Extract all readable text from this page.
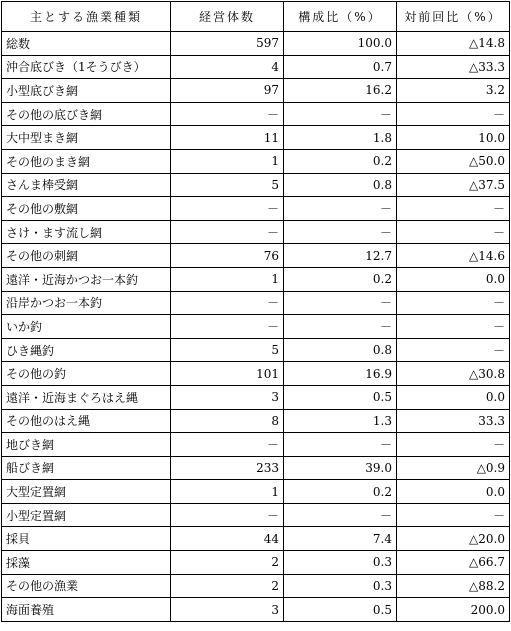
主とする漁業種類	経営体数	構成比（%）	対前回比（%）
総数	597	100.0	△14.8
沖合底びき（1そうびき）	4	0.7	△33.3
小型底びき網	97	16.2	3.2
その他の底びき網	－	－	－
大中型まき網	11	1.8	10.0
その他のまき網	1	0.2	△50.0
さんま棒受網	5	0.8	△37.5
その他の敷網	－	－	－
さけ・ます流し網	－	－	－
その他の刺網	76	12.7	△14.6
遠洋・近海かつお一本釣	1	0.2	0.0
沿岸かつお一本釣	－	－	－
いか釣	－	－	－
ひき縄釣	5	0.8	－
その他の釣	101	16.9	△30.8
遠洋・近海まぐろはえ縄	3	0.5	0.0
その他のはえ縄	8	1.3	33.3
地びき網	－	－	－
船びき網	233	39.0	△0.9
大型定置網	1	0.2	0.0
小型定置網	－	－	－
採貝	44	7.4	△20.0
採藻	2	0.3	△66.7
その他の漁業	2	0.3	△88.2
海面養殖	3	0.5	200.0
